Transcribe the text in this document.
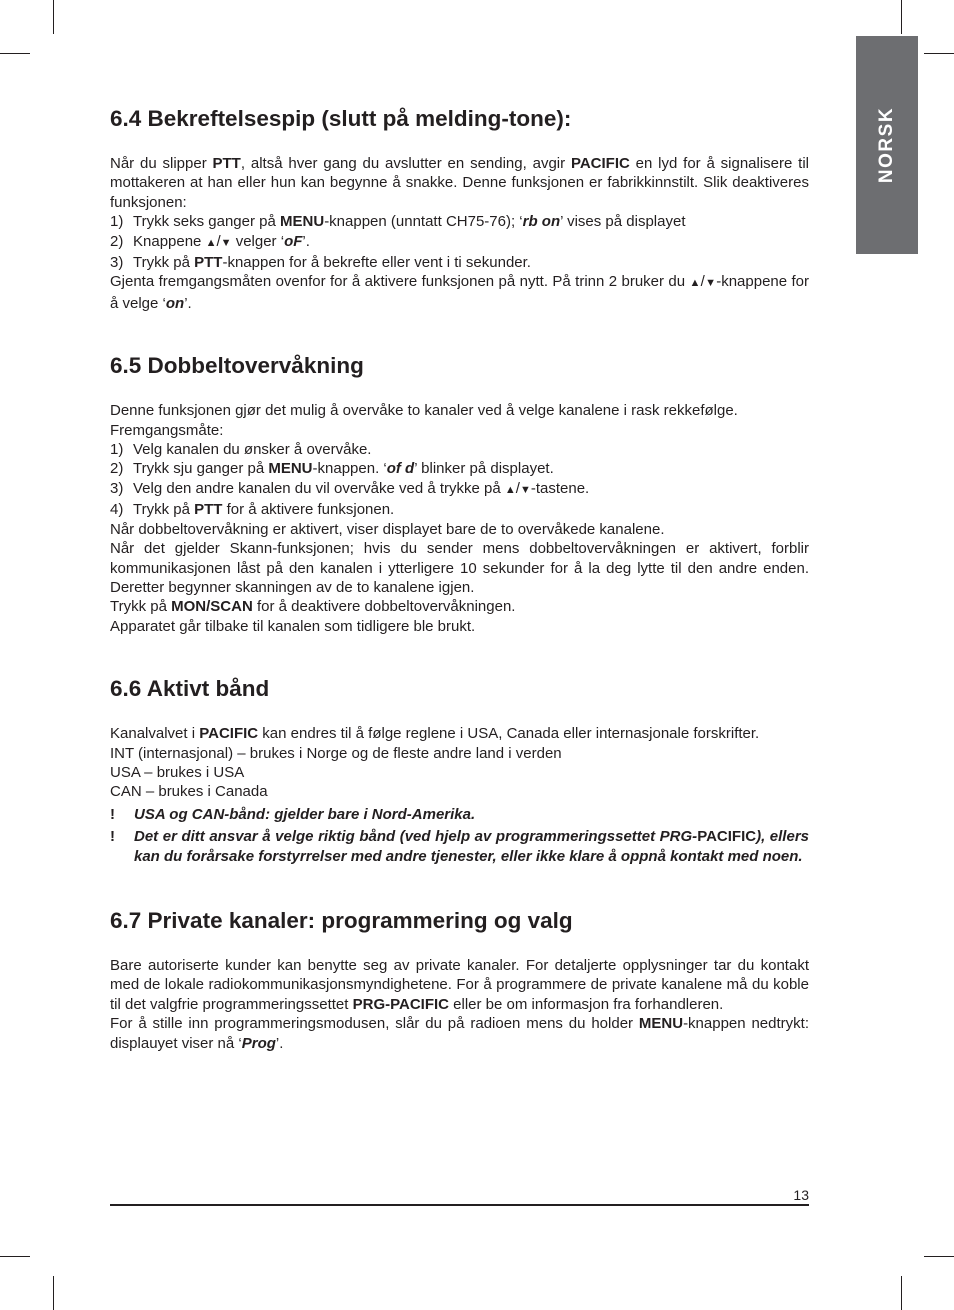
NORSK
6.4 Bekreftelsespip (slutt på melding-tone):

Når du slipper PTT, altså hver gang du avslutter en sending, avgir PACIFIC en lyd for å signalisere til mottakeren at han eller hun kan begynne å snakke. Denne funksjonen er fabrikkinnstilt. Slik deaktiveres funksjonen:

1) Trykk seks ganger på MENU-knappen (unntatt CH75-76); ‘rb on’ vises på displayet

2) Knappene ▲/▼ velger ‘oF’.

3) Trykk på PTT-knappen for å bekrefte eller vent i ti sekunder.

Gjenta fremgangsmåten ovenfor for å aktivere funksjonen på nytt. På trinn 2 bruker du ▲/▼-knappene for å velge ‘on’.

6.5 Dobbeltovervåkning

Denne funksjonen gjør det mulig å overvåke to kanaler ved å velge kanalene i rask rekkefølge.

Fremgangsmåte:

1) Velg kanalen du ønsker å overvåke.

2) Trykk sju ganger på MENU-knappen. ‘of d’ blinker på displayet.

3) Velg den andre kanalen du vil overvåke ved å trykke på ▲/▼-tastene.

4) Trykk på PTT for å aktivere funksjonen.

Når dobbeltovervåkning er aktivert, viser displayet bare de to overvåkede kanalene.

Når det gjelder Skann-funksjonen; hvis du sender mens dobbeltovervåkningen er aktivert, forblir kommunikasjonen låst på den kanalen i ytterligere 10 sekunder for å la deg lytte til den andre enden. Deretter begynner skanningen av de to kanalene igjen.

Trykk på MON/SCAN for å deaktivere dobbeltovervåkningen.

Apparatet går tilbake til kanalen som tidligere ble brukt.

6.6 Aktivt bånd

Kanalvalvet i PACIFIC kan endres til å følge reglene i USA, Canada eller internasjonale forskrifter.

INT (internasjonal) – brukes i Norge og de fleste andre land i verden

USA – brukes i USA

CAN – brukes i Canada

!	USA og CAN-bånd: gjelder bare i Nord-Amerika.
!	Det er ditt ansvar å velge riktig bånd (ved hjelp av programmeringssettet PRG-PACIFIC), ellers kan du forårsake forstyrrelser med andre tjenester, eller ikke klare å oppnå kontakt med noen.
6.7 Private kanaler: programmering og valg

Bare autoriserte kunder kan benytte seg av private kanaler. For detaljerte opplysninger tar du kontakt med de lokale radiokommunikasjonsmyndighetene. For å programmere de private kanalene må du koble til det valgfrie programmeringssettet PRG-PACIFIC eller be om informasjon fra forhandleren.

For å stille inn programmeringsmodusen, slår du på radioen mens du holder MENU-knappen nedtrykt: displauyet viser nå ‘Prog’.

13
